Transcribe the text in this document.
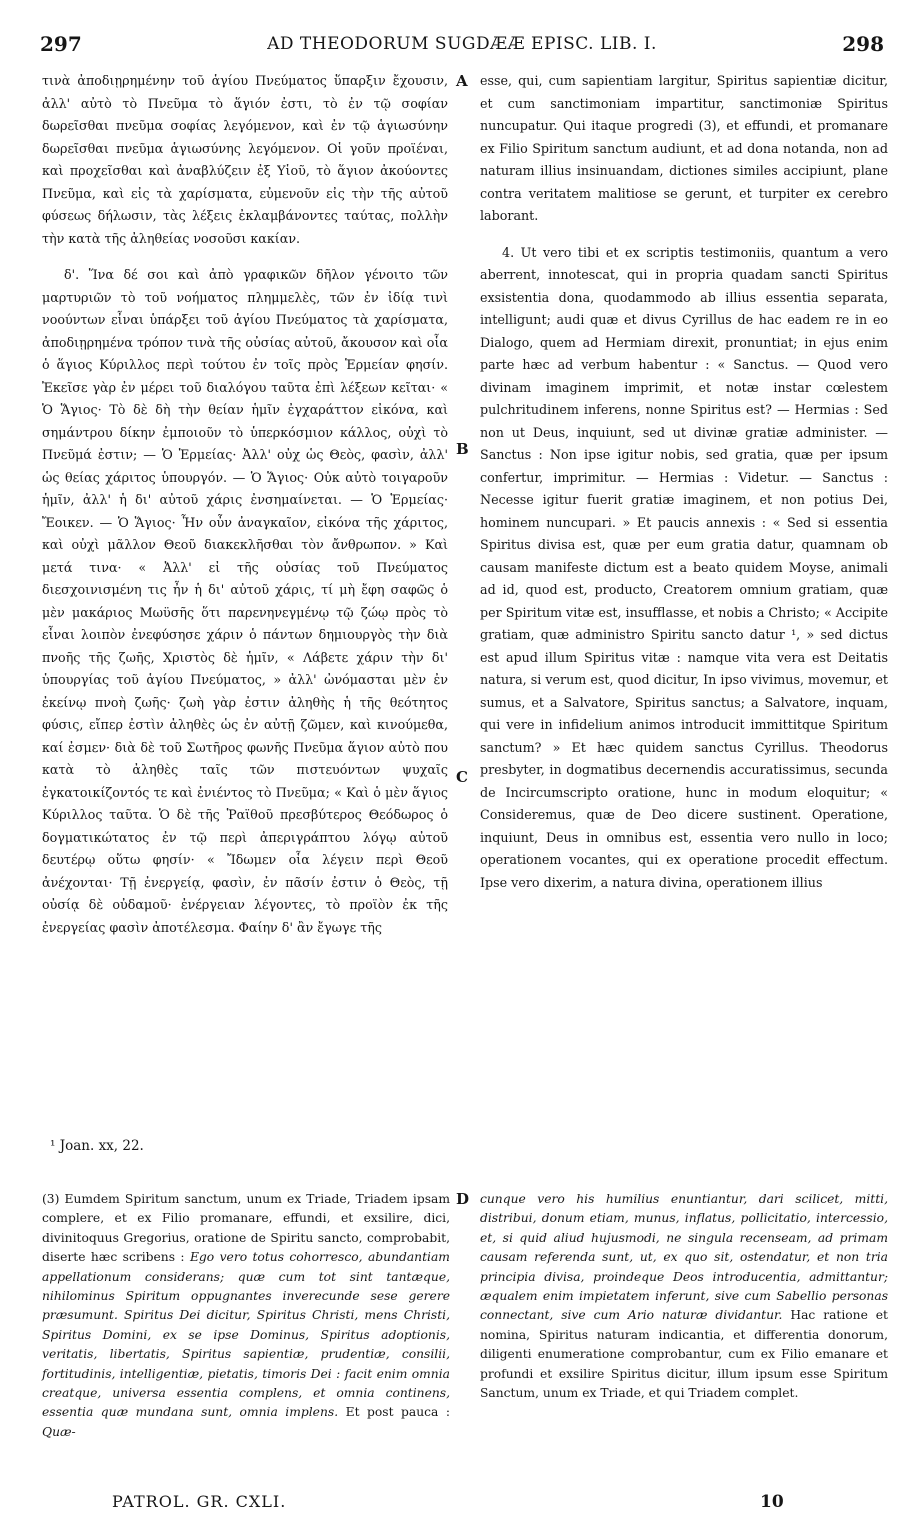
297	AD THEODORUM SUGDÆÆ EPISC. LIB. I.	298

τινὰ ἀποδιῃρημένην τοῦ ἁγίου Πνεύματος ὕπαρξιν ἔχουσιν, ἀλλ' αὐτὸ τὸ Πνεῦμα τὸ ἅγιόν ἐστι, τὸ ἐν τῷ σοφίαν δωρεῖσθαι πνεῦμα σοφίας λεγόμενον, καὶ ἐν τῷ ἁγιωσύνην δωρεῖσθαι πνεῦμα ἁγιωσύνης λεγόμενον. Οἱ γοῦν προϊέναι, καὶ προχεῖσθαι καὶ ἀναβλύζειν ἐξ Υἱοῦ, τὸ ἅγιον ἀκούοντες Πνεῦμα, καὶ εἰς τὰ χαρίσματα, εὐμενοῦν εἰς τὴν τῆς αὐτοῦ φύσεως δήλωσιν, τὰς λέξεις ἐκλαμβάνοντες ταύτας, πολλὴν τὴν κατὰ τῆς ἀληθείας νοσοῦσι κακίαν.

δ'. Ἵνα δέ σοι καὶ ἀπὸ γραφικῶν δῆλον γένοιτο τῶν μαρτυριῶν τὸ τοῦ νοήματος πλημμελὲς, τῶν ἐν ἰδίᾳ τινὶ νοούντων εἶναι ὑπάρξει τοῦ ἁγίου Πνεύματος τὰ χαρίσματα, ἀποδιῃρημένα τρόπον τινὰ τῆς οὐσίας αὐτοῦ, ἄκουσον καὶ οἷα ὁ ἅγιος Κύριλλος περὶ τούτου ἐν τοῖς πρὸς Ἑρμείαν φησίν. Ἐκεῖσε γὰρ ἐν μέρει τοῦ διαλόγου ταῦτα ἐπὶ λέξεων κεῖται· « Ὁ Ἅγιος· Τὸ δὲ δὴ τὴν θείαν ἡμῖν ἐγχαράττον εἰκόνα, καὶ σημάντρου δίκην ἐμποιοῦν τὸ ὑπερκόσμιον κάλλος, οὐχὶ τὸ Πνεῦμά ἐστιν; — Ὁ Ἑρμείας· Ἀλλ' οὐχ ὡς Θεὸς, φασὶν, ἀλλ' ὡς θείας χάριτος ὑπουργόν. — Ὁ Ἅγιος· Οὐκ αὐτὸ τοιγαροῦν ἡμῖν, ἀλλ' ἡ δι' αὐτοῦ χάρις ἐνσημαίνεται. — Ὁ Ἑρμείας· Ἔοικεν. — Ὁ Ἅγιος· Ἦν οὖν ἀναγκαῖον, εἰκόνα τῆς χάριτος, καὶ οὐχὶ μᾶλλον Θεοῦ διακεκλῆσθαι τὸν ἄνθρωπον. » Καὶ μετά τινα· « Ἀλλ' εἰ τῆς οὐσίας τοῦ Πνεύματος διεσχοινισμένη τις ἦν ἡ δι' αὐτοῦ χάρις, τί μὴ ἔφη σαφῶς ὁ μὲν μακάριος Μωϋσῆς ὅτι παρενηνεγμένῳ τῷ ζώῳ πρὸς τὸ εἶναι λοιπὸν ἐνεφύσησε χάριν ὁ πάντων δημιουργὸς τὴν διὰ πνοῆς τῆς ζωῆς, Χριστὸς δὲ ἡμῖν, « Λάβετε χάριν τὴν δι' ὑπουργίας τοῦ ἁγίου Πνεύματος, » ἀλλ' ὠνόμασται μὲν ἐν ἐκείνῳ πνοὴ ζωῆς· ζωὴ γὰρ ἐστιν ἀληθὴς ἡ τῆς θεότητος φύσις, εἴπερ ἐστὶν ἀληθὲς ὡς ἐν αὐτῇ ζῶμεν, καὶ κινούμεθα, καί ἐσμεν· διὰ δὲ τοῦ Σωτῆρος φωνῆς Πνεῦμα ἅγιον αὐτὸ που κατὰ τὸ ἀληθὲς ταῖς τῶν πιστευόντων ψυχαῖς ἐγκατοικίζοντός τε καὶ ἐνιέντος τὸ Πνεῦμα; « Καὶ ὁ μὲν ἅγιος Κύριλλος ταῦτα. Ὁ δὲ τῆς Ῥαϊθοῦ πρεσβύτερος Θεόδωρος ὁ δογματικώτατος ἐν τῷ περὶ ἀπεριγράπτου λόγῳ αὐτοῦ δευτέρῳ οὕτω φησίν· « Ἴδωμεν οἷα λέγειν περὶ Θεοῦ ἀνέχονται· Τῇ ἐνεργείᾳ, φασὶν, ἐν πᾶσίν ἐστιν ὁ Θεὸς, τῇ οὐσίᾳ δὲ οὐδαμοῦ· ἐνέργειαν λέγοντες, τὸ προϊὸν ἐκ τῆς ἐνεργείας φασὶν ἀποτέλεσμα. Φαίην δ' ἂν ἔγωγε τῆς

esse, qui, cum sapientiam largitur, Spiritus sapientiæ dicitur, et cum sanctimoniam impartitur, sanctimoniæ Spiritus nuncupatur. Qui itaque progredi (3), et effundi, et promanare ex Filio Spiritum sanctum audiunt, et ad dona notanda, non ad naturam illius insinuandam, dictiones similes accipiunt, plane contra veritatem malitiose se gerunt, et turpiter ex cerebro laborant.

4. Ut vero tibi et ex scriptis testimoniis, quantum a vero aberrent, innotescat, qui in propria quadam sancti Spiritus exsistentia dona, quodammodo ab illius essentia separata, intelligunt; audi quæ et divus Cyrillus de hac eadem re in eo Dialogo, quem ad Hermiam direxit, pronuntiat; in ejus enim parte hæc ad verbum habentur : « Sanctus. — Quod vero divinam imaginem imprimit, et notæ instar cœlestem pulchritudinem inferens, nonne Spiritus est? — Hermias : Sed non ut Deus, inquiunt, sed ut divinæ gratiæ administer. — Sanctus : Non ipse igitur nobis, sed gratia, quæ per ipsum confertur, imprimitur. — Hermias : Videtur. — Sanctus : Necesse igitur fuerit gratiæ imaginem, et non potius Dei, hominem nuncupari. » Et paucis annexis : « Sed si essentia Spiritus divisa est, quæ per eum gratia datur, quamnam ob causam manifeste dictum est a beato quidem Moyse, animali ad id, quod est, producto, Creatorem omnium gratiam, quæ per Spiritum vitæ est, insufflasse, et nobis a Christo; « Accipite gratiam, quæ administro Spiritu sancto datur ¹, » sed dictus est apud illum Spiritus vitæ : namque vita vera est Deitatis natura, si verum est, quod dicitur, In ipso vivimus, movemur, et sumus, et a Salvatore, Spiritus sanctus; a Salvatore, inquam, qui vere in infidelium animos introducit immittitque Spiritum sanctum? » Et hæc quidem sanctus Cyrillus. Theodorus presbyter, in dogmatibus decernendis accuratissimus, secunda de Incircumscripto oratione, hunc in modum eloquitur; « Consideremus, quæ de Deo dicere sustinent. Operatione, inquiunt, Deus in omnibus est, essentia vero nullo in loco; operationem vocantes, qui ex operatione procedit effectum. Ipse vero dixerim, a natura divina, operationem illius

A
B
C
D
¹ Joan. xx, 22.
(3) Eumdem Spiritum sanctum, unum ex Triade, Triadem ipsam complere, et ex Filio promanare, effundi, et exsilire, dici, divinitoquus Gregorius, oratione de Spiritu sancto, comprobabit, diserte hæc scribens : Ego vero totus cohorresco, abundantiam appellationum considerans; quæ cum tot sint tantæque, nihilominus Spiritum oppugnantes inverecunde sese gerere præsumunt. Spiritus Dei dicitur, Spiritus Christi, mens Christi, Spiritus Domini, ex se ipse Dominus, Spiritus adoptionis, veritatis, libertatis, Spiritus sapientiæ, prudentiæ, consilii, fortitudinis, intelligentiæ, pietatis, timoris Dei : facit enim omnia creatque, universa essentia complens, et omnia continens, essentia quæ mundana sunt, omnia implens. Et post pauca : Quæ-
cunque vero his humilius enuntiantur, dari scilicet, mitti, distribui, donum etiam, munus, inflatus, pollicitatio, intercessio, et, si quid aliud hujusmodi, ne singula recenseam, ad primam causam referenda sunt, ut, ex quo sit, ostendatur, et non tria principia divisa, proindeque Deos introducentia, admittantur; æqualem enim impietatem inferunt, sive cum Sabellio personas connectant, sive cum Ario naturæ dividantur. Hac ratione et nomina, Spiritus naturam indicantia, et differentia donorum, diligenti enumeratione comprobantur, cum ex Filio emanare et profundi et exsilire Spiritus dicitur, illum ipsum esse Spiritum Sanctum, unum ex Triade, et qui Triadem complet.
PATROL. GR. CXLI.	10
